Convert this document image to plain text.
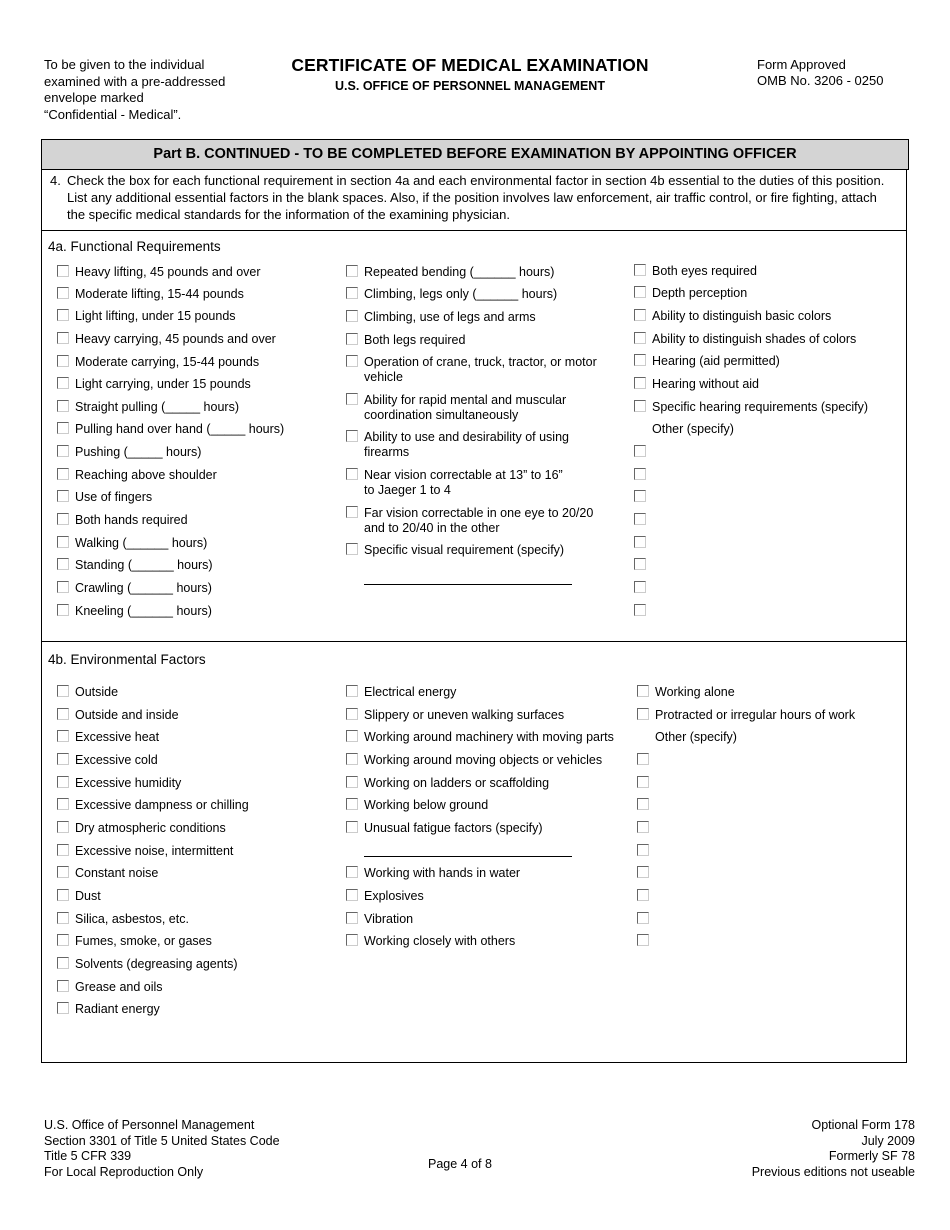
To be given to the individual
examined with a pre-addressed
envelope marked
“Confidential - Medical”.
CERTIFICATE OF MEDICAL EXAMINATION
U.S. OFFICE OF PERSONNEL MANAGEMENT
Form Approved
OMB No. 3206 - 0250
Part B. CONTINUED - TO BE COMPLETED BEFORE EXAMINATION BY APPOINTING OFFICER
4. Check the box for each functional requirement in section 4a and each environmental factor in section 4b essential to the duties of this position. List any additional essential factors in the blank spaces. Also, if the position involves law enforcement, air traffic control, or fire fighting, attach the specific medical standards for the information of the examining physician.
4a. Functional Requirements
Heavy lifting, 45 pounds and over
Moderate lifting, 15-44 pounds
Light lifting, under 15 pounds
Heavy carrying, 45 pounds and over
Moderate carrying, 15-44 pounds
Light carrying, under 15 pounds
Straight pulling (_____ hours)
Pulling hand over hand (_____ hours)
Pushing (_____ hours)
Reaching above shoulder
Use of fingers
Both hands required
Walking (______ hours)
Standing (______ hours)
Crawling (______ hours)
Kneeling (______ hours)
Repeated bending (______ hours)
Climbing, legs only (______ hours)
Climbing, use of legs and arms
Both legs required
Operation of crane, truck, tractor, or motor
vehicle
Ability for rapid mental and muscular
coordination simultaneously
Ability to use and desirability of using
firearms
Near vision correctable at 13” to 16”
to Jaeger 1 to 4
Far vision correctable in one eye to 20/20
and to 20/40 in the other
Specific visual requirement (specify)
Both eyes required
Depth perception
Ability to distinguish basic colors
Ability to distinguish shades of colors
Hearing (aid permitted)
Hearing without aid
Specific hearing requirements (specify)
Other (specify)
4b. Environmental Factors
Outside
Outside and inside
Excessive heat
Excessive cold
Excessive humidity
Excessive dampness or chilling
Dry atmospheric conditions
Excessive noise, intermittent
Constant noise
Dust
Silica, asbestos, etc.
Fumes, smoke, or gases
Solvents (degreasing agents)
Grease and oils
Radiant energy
Electrical energy
Slippery or uneven walking surfaces
Working around machinery with moving parts
Working around moving objects or vehicles
Working on ladders or scaffolding
Working below ground
Unusual fatigue factors (specify)
Working with hands in water
Explosives
Vibration
Working closely with others
Working alone
Protracted or irregular hours of work
Other (specify)
U.S. Office of Personnel Management
Section 3301 of Title 5 United States Code
Title 5 CFR 339
For Local Reproduction Only
Page 4 of 8
Optional Form 178
July 2009
Formerly SF 78
Previous editions not useable
